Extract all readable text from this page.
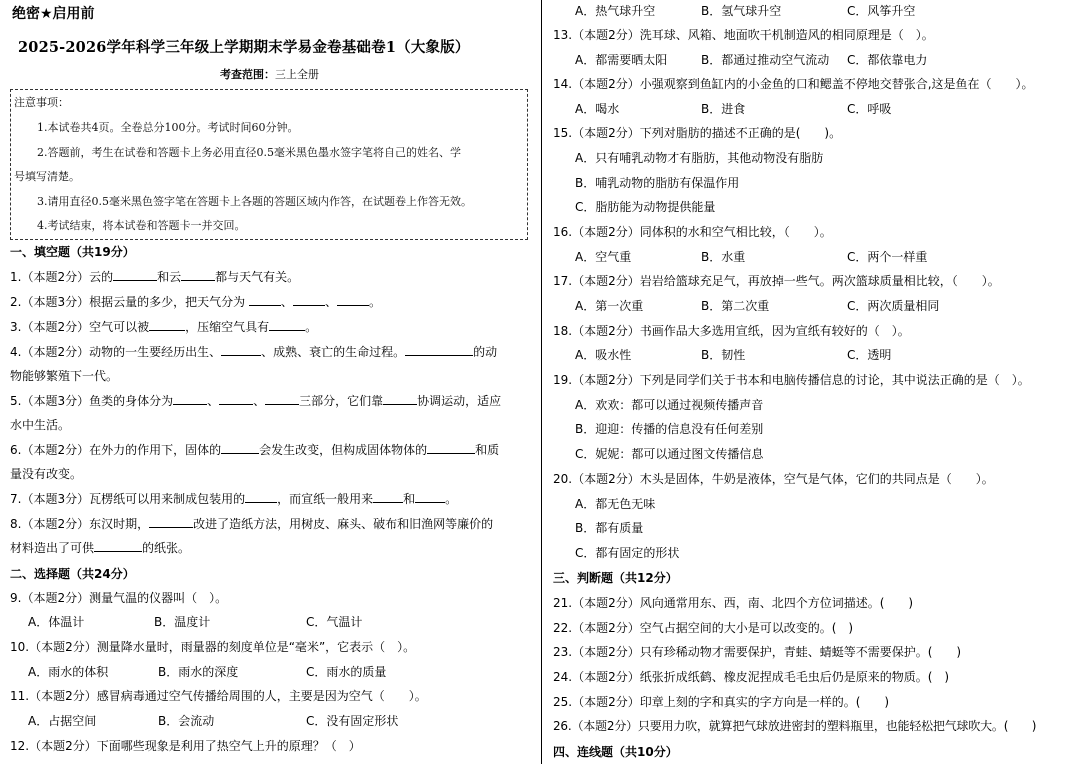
绝密★启用前
2025-2026学年科学三年级上学期期末学易金卷基础卷1（大象版）
考查范围：三上全册
注意事项：
1.本试卷共4页。全卷总分100分。考试时间60分钟。
2.答题前，考生在试卷和答题卡上务必用直径0.5毫米黑色墨水签字笔将自己的姓名、学
号填写清楚。
3.请用直径0.5毫米黑色签字笔在答题卡上各题的答题区域内作答，在试题卷上作答无效。
4.考试结束，将本试卷和答题卡一并交回。
一、填空题（共19分）
1.（本题2分）云的	和云	都与天气有关。
2.（本题3分）根据云量的多少，把天气分为	、	、	。
3.（本题2分）空气可以被	，压缩空气具有	。
4.（本题2分）动物的一生要经历出生、	、成熟、衰亡的生命过程。	的动
物能够繁殖下一代。
5.（本题3分）鱼类的身体分为	、	、	三部分，它们靠	协调运动，适应
水中生活。
6.（本题2分）在外力的作用下，固体的	会发生改变，但构成固体物体的	和质
量没有改变。
7.（本题3分）瓦楞纸可以用来制成包装用的	，而宣纸一般用来	和	。
8.（本题2分）东汉时期，	改进了造纸方法，用树皮、麻头、破布和旧渔网等廉价的
材料造出了可供	的纸张。
二、选择题（共24分）
9.（本题2分）测量气温的仪器叫（　）。
A．体温计	B．温度计	C．气温计
10.（本题2分）测量降水量时，雨量器的刻度单位是“毫米”，它表示（　）。
A．雨水的体积	B．雨水的深度	C．雨水的质量
11.（本题2分）感冒病毒通过空气传播给周围的人，主要是因为空气（　　）。
A．占据空间	B．会流动	C．没有固定形状
12.（本题2分）下面哪些现象是利用了热空气上升的原理？（　）
A．热气球升空	B．氢气球升空	C．风筝升空
13.（本题2分）洗耳球、风箱、地面吹干机制造风的相同原理是（　）。
A．都需要晒太阳	B．都通过推动空气流动 C．都依靠电力
14.（本题2分）小强观察到鱼缸内的小金鱼的口和鳃盖不停地交替张合,这是鱼在（　　）。
A．喝水	B．进食	C．呼吸
15.（本题2分）下列对脂肪的描述不正确的是(　　)。
A．只有哺乳动物才有脂肪，其他动物没有脂肪
B．哺乳动物的脂肪有保温作用
C．脂肪能为动物提供能量
16.（本题2分）同体积的水和空气相比较，（　　）。
A．空气重	B．水重	C．两个一样重
17.（本题2分）岩岩给篮球充足气，再放掉一些气。两次篮球质量相比较，（　　）。
A．第一次重	B．第二次重	C．两次质量相同
18.（本题2分）书画作品大多选用宣纸，因为宣纸有较好的（　）。
A．吸水性	B．韧性	C．透明
19.（本题2分）下列是同学们关于书本和电脑传播信息的讨论，其中说法正确的是（　）。
A．欢欢：都可以通过视频传播声音
B．迎迎：传播的信息没有任何差别
C．妮妮：都可以通过图文传播信息
20.（本题2分）木头是固体，牛奶是液体，空气是气体，它们的共同点是（　　）。
A．都无色无味
B．都有质量
C．都有固定的形状
三、判断题（共12分）
21.（本题2分）风向通常用东、西，南、北四个方位词描述。(　　)
22.（本题2分）空气占据空间的大小是可以改变的。(　)
23.（本题2分）只有珍稀动物才需要保护，青蛙、蜻蜓等不需要保护。(　　)
24.（本题2分）纸张折成纸鹤、橡皮泥捏成毛毛虫后仍是原来的物质。(　)
25.（本题2分）印章上刻的字和真实的字方向是一样的。(　　)
26.（本题2分）只要用力吹，就算把气球放进密封的塑料瓶里，也能轻松把气球吹大。(　　)
四、连线题（共10分）
